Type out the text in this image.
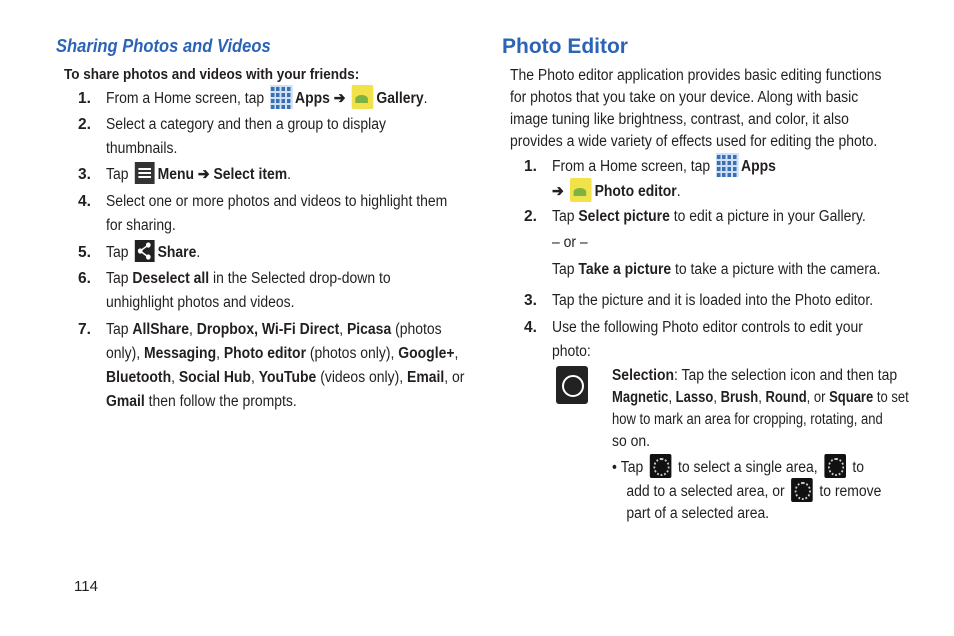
Sharing Photos and Videos
To share photos and videos with your friends:
1. From a Home screen, tap Apps ➔ Gallery.
2. Select a category and then a group to display
thumbnails.
3. Tap Menu ➔ Select item.
4. Select one or more photos and videos to highlight them
for sharing.
5. Tap Share.
6. Tap Deselect all in the Selected drop-down to
unhighlight photos and videos.
7. Tap AllShare, Dropbox, Wi-Fi Direct, Picasa (photos
only), Messaging, Photo editor (photos only), Google+,
Bluetooth, Social Hub, YouTube (videos only), Email, or
Gmail then follow the prompts.
Photo Editor
The Photo editor application provides basic editing functions
for photos that you take on your device. Along with basic
image tuning like brightness, contrast, and color, it also
provides a wide variety of effects used for editing the photo.
1. From a Home screen, tap Apps
➔ Photo editor.
2. Tap Select picture to edit a picture in your Gallery.
– or –
Tap Take a picture to take a picture with the camera.
3. Tap the picture and it is loaded into the Photo editor.
4. Use the following Photo editor controls to edit your
photo:
Selection: Tap the selection icon and then tap
Magnetic, Lasso, Brush, Round, or Square to set
how to mark an area for cropping, rotating, and
so on.
• Tap to select a single area, to
add to a selected area, or to remove
part of a selected area.
114
